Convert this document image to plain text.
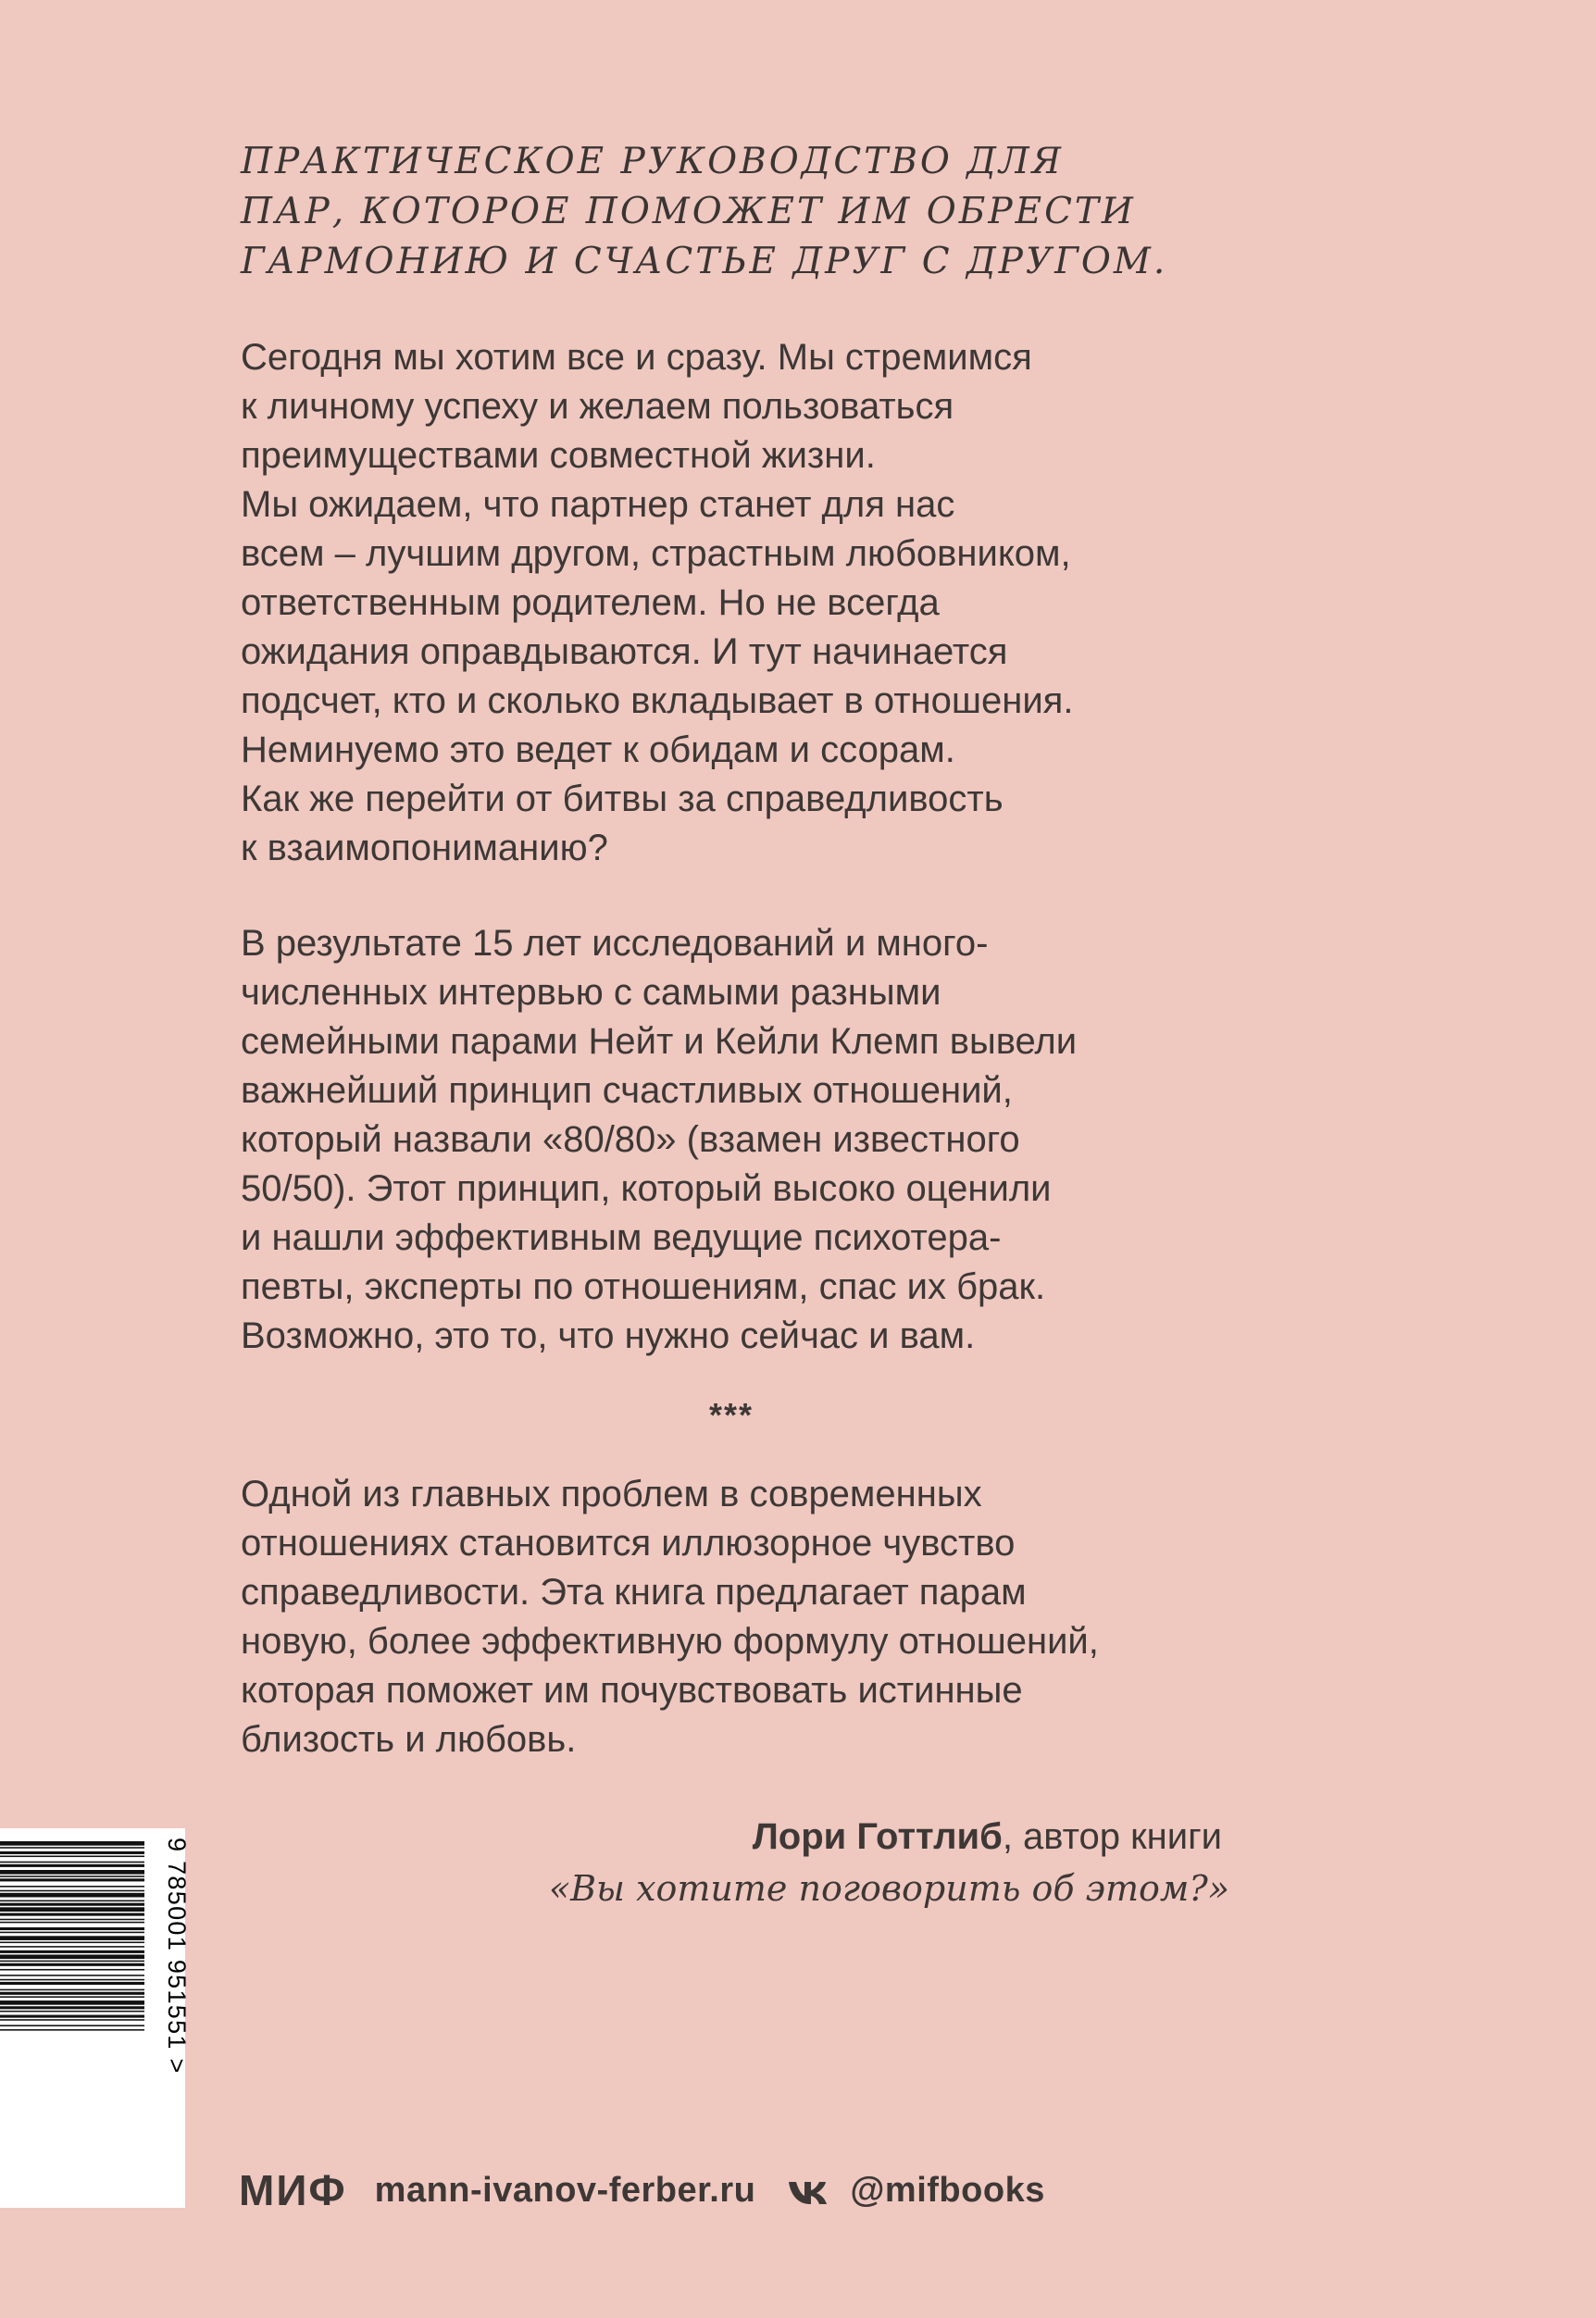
ПРАКТИЧЕСКОЕ РУКОВОДСТВО ДЛЯ
ПАР, КОТОРОЕ ПОМОЖЕТ ИМ ОБРЕСТИ
ГАРМОНИЮ И СЧАСТЬЕ ДРУГ С ДРУГОМ.
Сегодня мы хотим все и сразу. Мы стремимся
к личному успеху и желаем пользоваться
преимуществами совместной жизни.
Мы ожидаем, что партнер станет для нас
всем – лучшим другом, страстным любовником,
ответственным родителем. Но не всегда
ожидания оправдываются. И тут начинается
подсчет, кто и сколько вкладывает в отношения.
Неминуемо это ведет к обидам и ссорам.
Как же перейти от битвы за справедливость
к взаимопониманию?
В результате 15 лет исследований и много-
численных интервью с самыми разными
семейными парами Нейт и Кейли Клемп вывели
важнейший принцип счастливых отношений,
который назвали «80/80» (взамен известного
50/50). Этот принцип, который высоко оценили
и нашли эффективным ведущие психотера-
певты, эксперты по отношениям, спас их брак.
Возможно, это то, что нужно сейчас и вам.
***
Одной из главных проблем в современных
отношениях становится иллюзорное чувство
справедливости. Эта книга предлагает парам
новую, более эффективную формулу отношений,
которая поможет им почувствовать истинные
близость и любовь.
Лори Готтлиб, автор книги
«Вы хотите поговорить об этом?»
9 785001 951551 >
МИФ mann-ivanov-ferber.ru	@mifbooks
